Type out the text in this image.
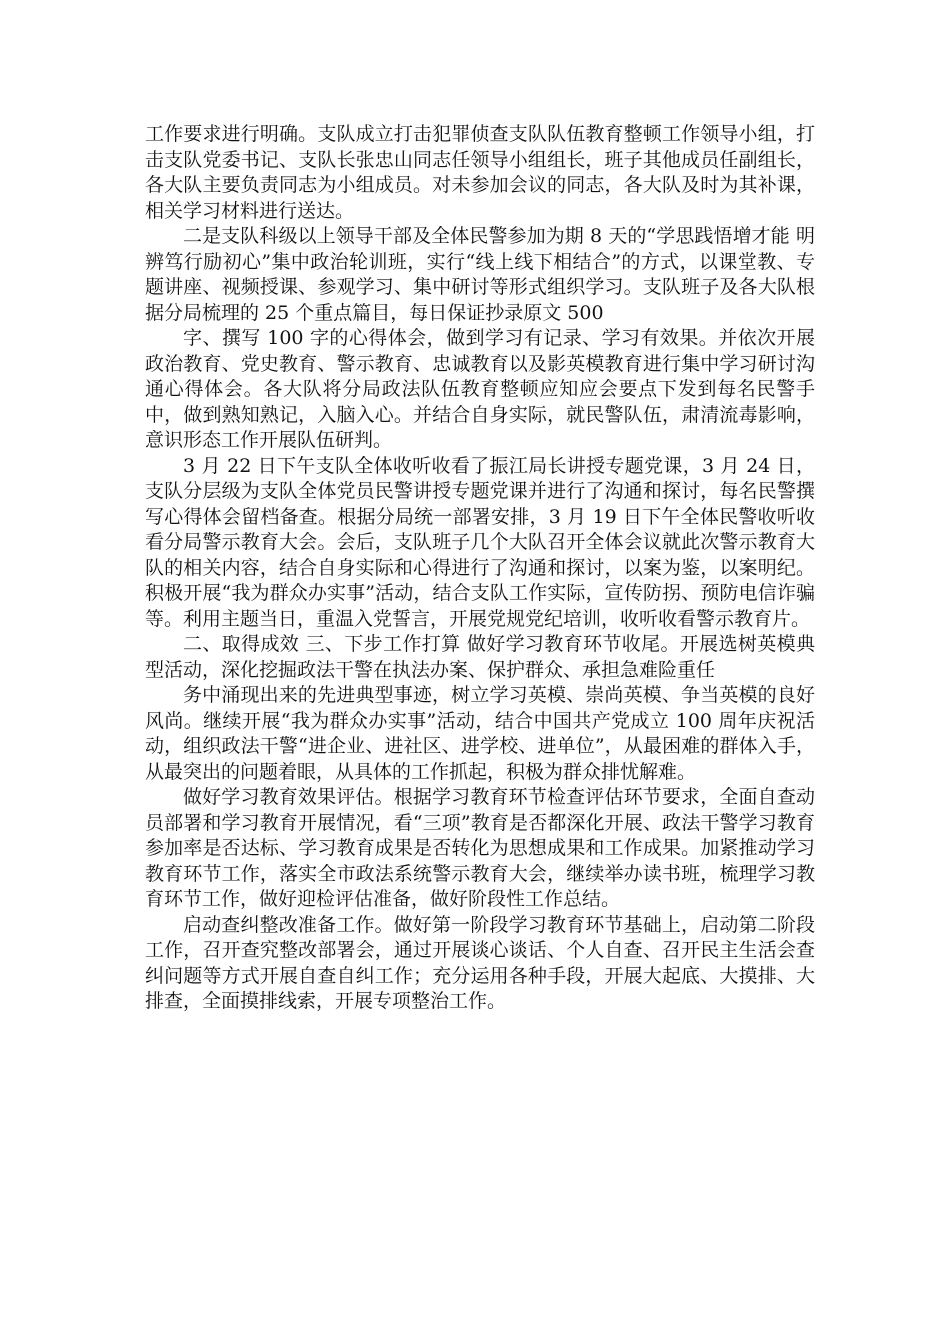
工作要求进行明确。支队成立打击犯罪侦查支队队伍教育整顿工作领导小组，打击支队党委书记、支队长张忠山同志任领导小组组长，班子其他成员任副组长，各大队主要负责同志为小组成员。对未参加会议的同志，各大队及时为其补课，相关学习材料进行送达。

二是支队科级以上领导干部及全体民警参加为期 8 天的“学思践悟增才能 明辨笃行励初心”集中政治轮训班，实行“线上线下相结合”的方式，以课堂教、专题讲座、视频授课、参观学习、集中研讨等形式组织学习。支队班子及各大队根据分局梳理的 25 个重点篇目，每日保证抄录原文 500

字、撰写 100 字的心得体会，做到学习有记录、学习有效果。并依次开展政治教育、党史教育、警示教育、忠诚教育以及影英模教育进行集中学习研讨沟通心得体会。各大队将分局政法队伍教育整顿应知应会要点下发到每名民警手中，做到熟知熟记，入脑入心。并结合自身实际，就民警队伍，肃清流毒影响，意识形态工作开展队伍研判。

3 月 22 日下午支队全体收听收看了振江局长讲授专题党课，3 月 24 日，支队分层级为支队全体党员民警讲授专题党课并进行了沟通和探讨，每名民警撰写心得体会留档备查。根据分局统一部署安排，3 月 19 日下午全体民警收听收看分局警示教育大会。会后，支队班子几个大队召开全体会议就此次警示教育大队的相关内容，结合自身实际和心得进行了沟通和探讨，以案为鉴，以案明纪。积极开展“我为群众办实事”活动，结合支队工作实际，宣传防拐、预防电信诈骗等。利用主题当日，重温入党誓言，开展党规党纪培训，收听收看警示教育片。

二、取得成效 三、下步工作打算 做好学习教育环节收尾。开展选树英模典型活动，深化挖掘政法干警在执法办案、保护群众、承担急难险重任

务中涌现出来的先进典型事迹，树立学习英模、崇尚英模、争当英模的良好风尚。继续开展“我为群众办实事”活动，结合中国共产党成立 100 周年庆祝活动，组织政法干警“进企业、进社区、进学校、进单位”，从最困难的群体入手，从最突出的问题着眼，从具体的工作抓起，积极为群众排忧解难。

做好学习教育效果评估。根据学习教育环节检查评估环节要求，全面自查动员部署和学习教育开展情况，看“三项”教育是否都深化开展、政法干警学习教育参加率是否达标、学习教育成果是否转化为思想成果和工作成果。加紧推动学习教育环节工作，落实全市政法系统警示教育大会，继续举办读书班，梳理学习教育环节工作，做好迎检评估准备，做好阶段性工作总结。

启动查纠整改准备工作。做好第一阶段学习教育环节基础上，启动第二阶段工作，召开查究整改部署会，通过开展谈心谈话、个人自查、召开民主生活会查纠问题等方式开展自查自纠工作；充分运用各种手段，开展大起底、大摸排、大排查，全面摸排线索，开展专项整治工作。
